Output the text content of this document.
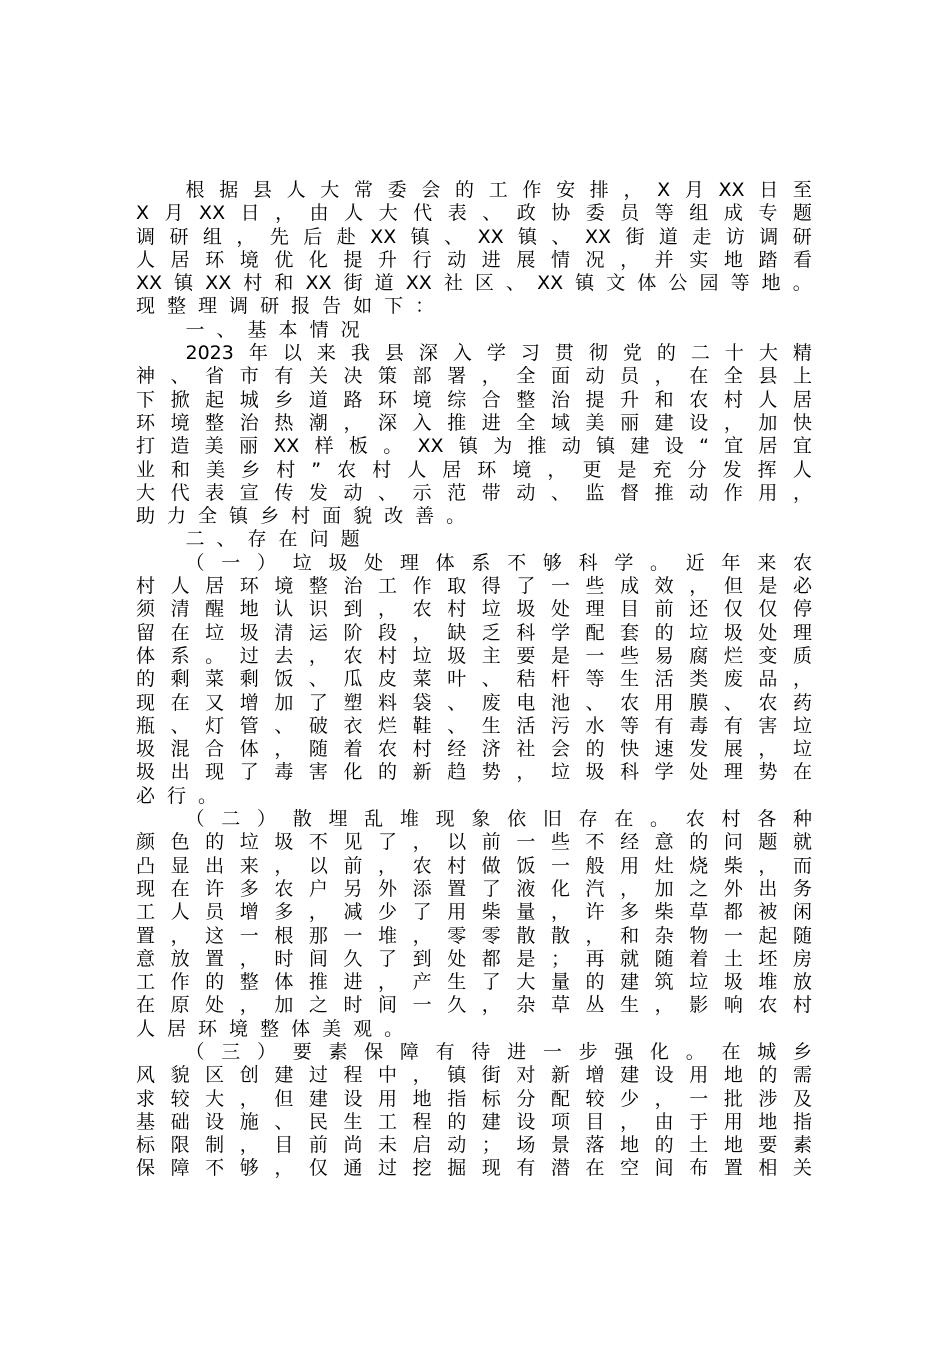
根 据 县 人 大 常 委 会 的 工 作 安 排 ， X 月 XX 日 至
X 月 XX 日 ， 由 人 大 代 表 、 政 协 委 员 等 组 成 专 题
调 研 组 ， 先 后 赴 XX 镇 、 XX 镇 、 XX 街 道 走 访 调 研
人 居 环 境 优 化 提 升 行 动 进 展 情 况 ， 并 实 地 踏 看
XX 镇 XX 村 和 XX 街 道 XX 社 区 、 XX 镇 文 体 公 园 等 地 。
现 整 理 调 研 报 告 如 下 ：
一 、 基 本 情 况
2023 年 以 来 我 县 深 入 学 习 贯 彻 党 的 二 十 大 精
神 、 省 市 有 关 决 策 部 署 ， 全 面 动 员 ， 在 全 县 上
下 掀 起 城 乡 道 路 环 境 综 合 整 治 提 升 和 农 村 人 居
环 境 整 治 热 潮 ， 深 入 推 进 全 域 美 丽 建 设 ， 加 快
打 造 美 丽 XX 样 板 。 XX 镇 为 推 动 镇 建 设 “ 宜 居 宜
业 和 美 乡 村 ” 农 村 人 居 环 境 ， 更 是 充 分 发 挥 人
大 代 表 宣 传 发 动 、 示 范 带 动 、 监 督 推 动 作 用 ，
助 力 全 镇 乡 村 面 貌 改 善 。
二 、 存 在 问 题
（ 一 ） 垃 圾 处 理 体 系 不 够 科 学 。 近 年 来 农
村 人 居 环 境 整 治 工 作 取 得 了 一 些 成 效 ， 但 是 必
须 清 醒 地 认 识 到 ， 农 村 垃 圾 处 理 目 前 还 仅 仅 停
留 在 垃 圾 清 运 阶 段 ， 缺 乏 科 学 配 套 的 垃 圾 处 理
体 系 。 过 去 ， 农 村 垃 圾 主 要 是 一 些 易 腐 烂 变 质
的 剩 菜 剩 饭 、 瓜 皮 菜 叶 、 秸 杆 等 生 活 类 废 品 ，
现 在 又 增 加 了 塑 料 袋 、 废 电 池 、 农 用 膜 、 农 药
瓶 、 灯 管 、 破 衣 烂 鞋 、 生 活 污 水 等 有 毒 有 害 垃
圾 混 合 体 ， 随 着 农 村 经 济 社 会 的 快 速 发 展 ， 垃
圾 出 现 了 毒 害 化 的 新 趋 势 ， 垃 圾 科 学 处 理 势 在
必 行 。
（ 二 ） 散 埋 乱 堆 现 象 依 旧 存 在 。 农 村 各 种
颜 色 的 垃 圾 不 见 了 ， 以 前 一 些 不 经 意 的 问 题 就
凸 显 出 来 ， 以 前 ， 农 村 做 饭 一 般 用 灶 烧 柴 ， 而
现 在 许 多 农 户 另 外 添 置 了 液 化 汽 ， 加 之 外 出 务
工 人 员 增 多 ， 减 少 了 用 柴 量 ， 许 多 柴 草 都 被 闲
置 ， 这 一 根 那 一 堆 ， 零 零 散 散 ， 和 杂 物 一 起 随
意 放 置 ， 时 间 久 了 到 处 都 是 ； 再 就 随 着 土 坯 房
工 作 的 整 体 推 进 ， 产 生 了 大 量 的 建 筑 垃 圾 堆 放
在 原 处 ， 加 之 时 间 一 久 ， 杂 草 丛 生 ， 影 响 农 村
人 居 环 境 整 体 美 观 。
（ 三 ） 要 素 保 障 有 待 进 一 步 强 化 。 在 城 乡
风 貌 区 创 建 过 程 中 ， 镇 街 对 新 增 建 设 用 地 的 需
求 较 大 ， 但 建 设 用 地 指 标 分 配 较 少 ， 一 批 涉 及
基 础 设 施 、 民 生 工 程 的 建 设 项 目 ， 由 于 用 地 指
标 限 制 ， 目 前 尚 未 启 动 ； 场 景 落 地 的 土 地 要 素
保 障 不 够 ， 仅 通 过 挖 掘 现 有 潜 在 空 间 布 置 相 关
